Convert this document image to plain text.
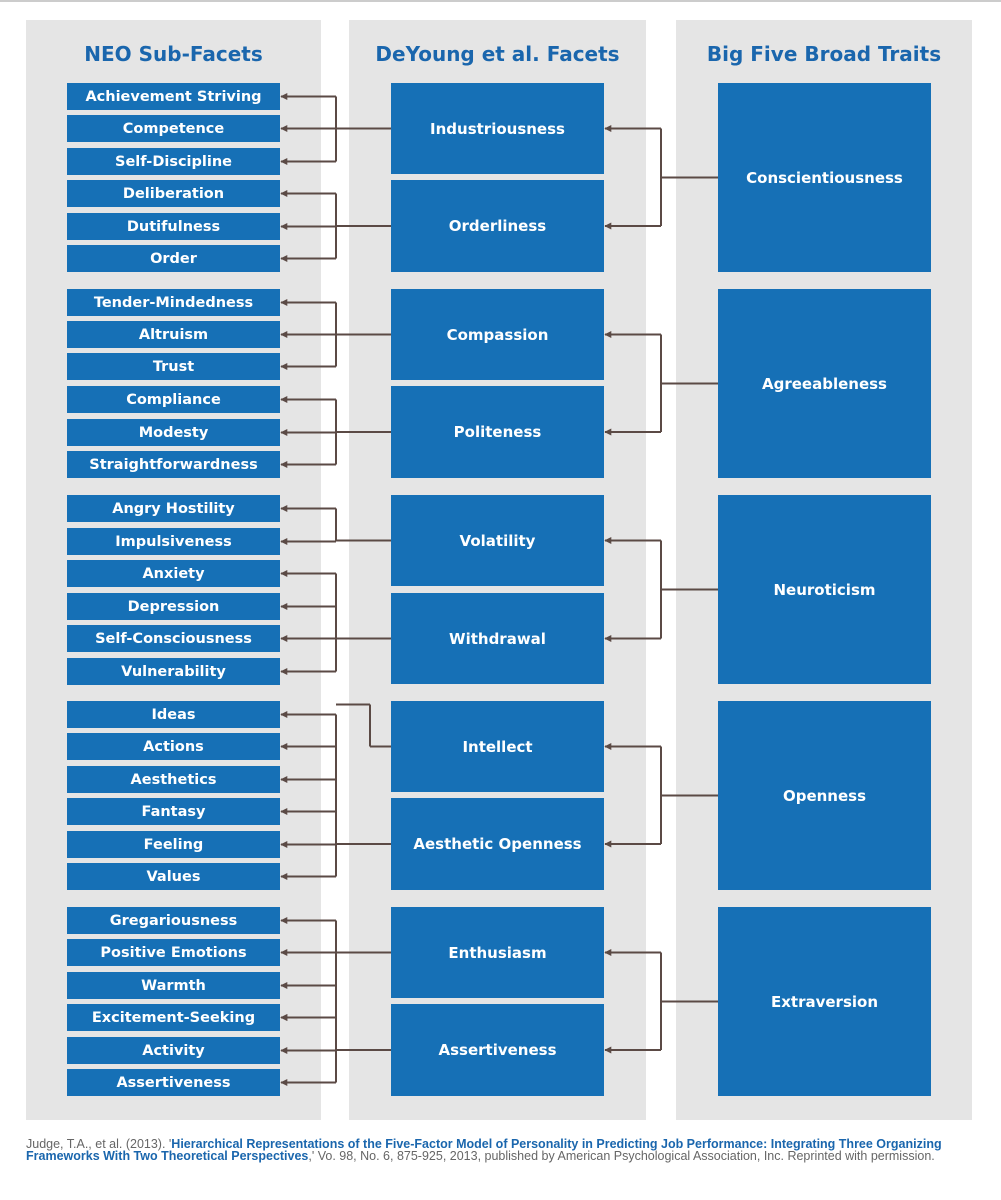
NEO Sub-Facets	DeYoung et al. Facets	Big Five Broad Traits
Achievement Striving
Competence
Self-Discipline
Deliberation
Dutifulness
Order
Tender-Mindedness
Altruism
Trust
Compliance
Modesty
Straightforwardness
Angry Hostility
Impulsiveness
Anxiety
Depression
Self-Consciousness
Vulnerability
Ideas
Actions
Aesthetics
Fantasy
Feeling
Values
Gregariousness
Positive Emotions
Warmth
Excitement-Seeking
Activity
Assertiveness
Industriousness
Orderliness
Compassion
Politeness
Volatility
Withdrawal
Intellect
Aesthetic Openness
Enthusiasm
Assertiveness
Conscientiousness
Agreeableness
Neuroticism
Openness
Extraversion
Judge, T.A., et al. (2013). 'Hierarchical Representations of the Five-Factor Model of Personality in Predicting Job Performance: Integrating Three Organizing Frameworks With Two Theoretical Perspectives,' Vo. 98, No. 6, 875-925, 2013, published by American Psychological Association, Inc. Reprinted with permission.
